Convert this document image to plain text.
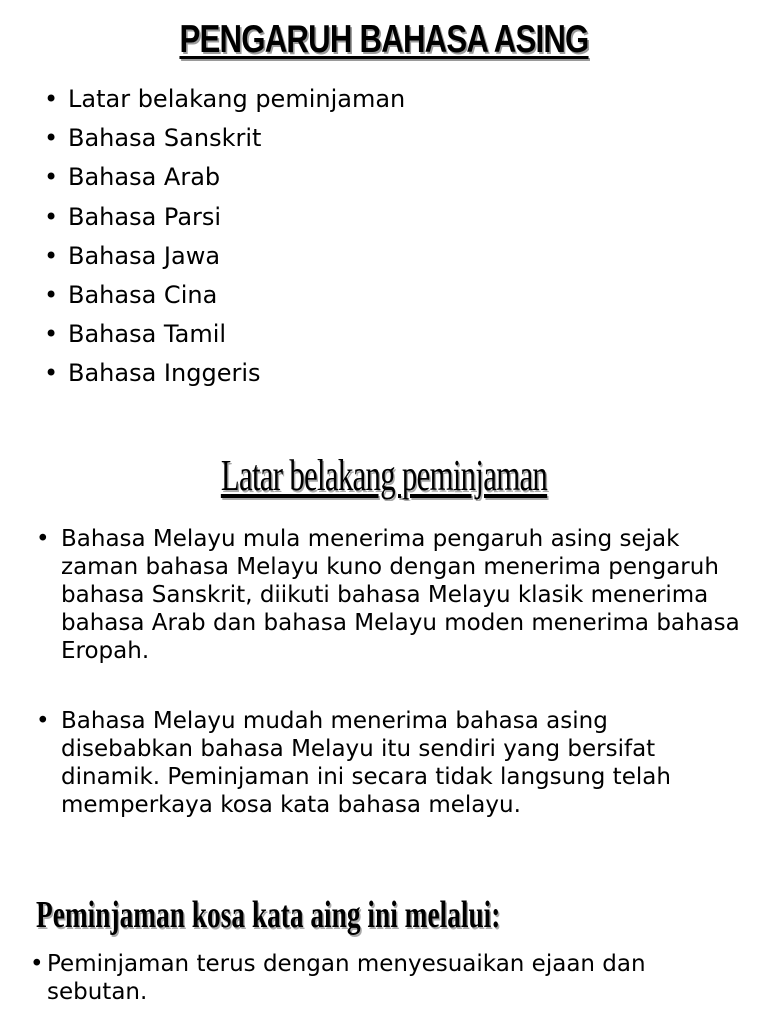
PENGARUH BAHASA ASING
• Latar belakang peminjaman
• Bahasa Sanskrit
• Bahasa Arab
• Bahasa Parsi
• Bahasa Jawa
• Bahasa Cina
• Bahasa Tamil
• Bahasa Inggeris
Latar belakang peminjaman

• Bahasa Melayu mula menerima pengaruh asing sejak zaman bahasa Melayu kuno dengan menerima pengaruh bahasa Sanskrit, diikuti bahasa Melayu klasik menerima bahasa Arab dan bahasa Melayu moden menerima bahasa Eropah.

• Bahasa Melayu mudah menerima bahasa asing disebabkan bahasa Melayu itu sendiri yang bersifat dinamik. Peminjaman ini secara tidak langsung telah memperkaya kosa kata bahasa melayu.

Peminjaman kosa kata aing ini melalui:

• Peminjaman terus dengan menyesuaikan ejaan dan sebutan.
